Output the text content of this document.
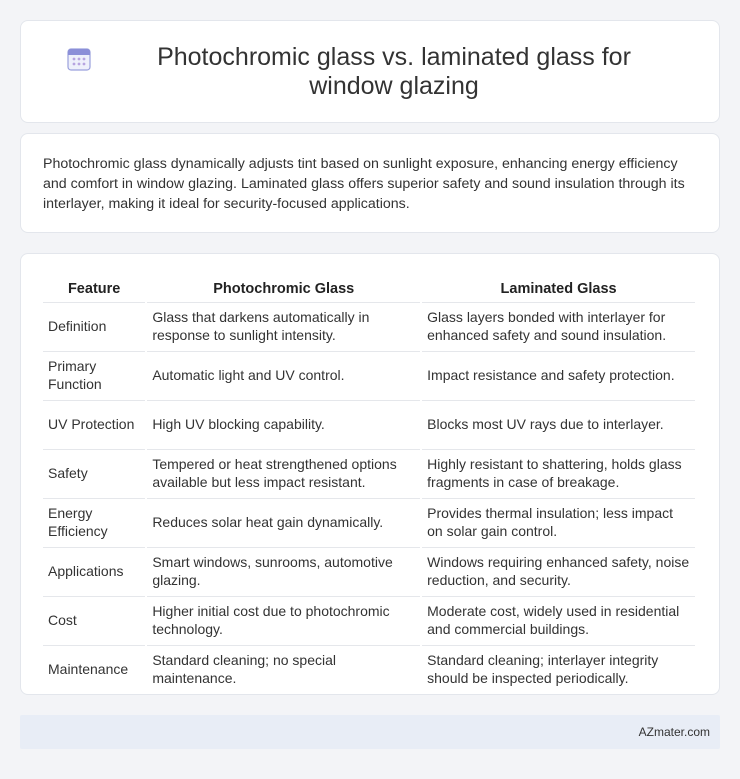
Photochromic glass vs. laminated glass for window glazing

Photochromic glass dynamically adjusts tint based on sunlight exposure, enhancing energy efficiency and comfort in window glazing. Laminated glass offers superior safety and sound insulation through its interlayer, making it ideal for security-focused applications.

Feature	Photochromic Glass	Laminated Glass
Definition	Glass that darkens automatically in response to sunlight intensity.	Glass layers bonded with interlayer for enhanced safety and sound insulation.
Primary Function	Automatic light and UV control.	Impact resistance and safety protection.
UV Protection	High UV blocking capability.	Blocks most UV rays due to interlayer.
Safety	Tempered or heat strengthened options available but less impact resistant.	Highly resistant to shattering, holds glass fragments in case of breakage.
Energy Efficiency	Reduces solar heat gain dynamically.	Provides thermal insulation; less impact on solar gain control.
Applications	Smart windows, sunrooms, automotive glazing.	Windows requiring enhanced safety, noise reduction, and security.
Cost	Higher initial cost due to photochromic technology.	Moderate cost, widely used in residential and commercial buildings.
Maintenance	Standard cleaning; no special maintenance.	Standard cleaning; interlayer integrity should be inspected periodically.
AZmater.com
